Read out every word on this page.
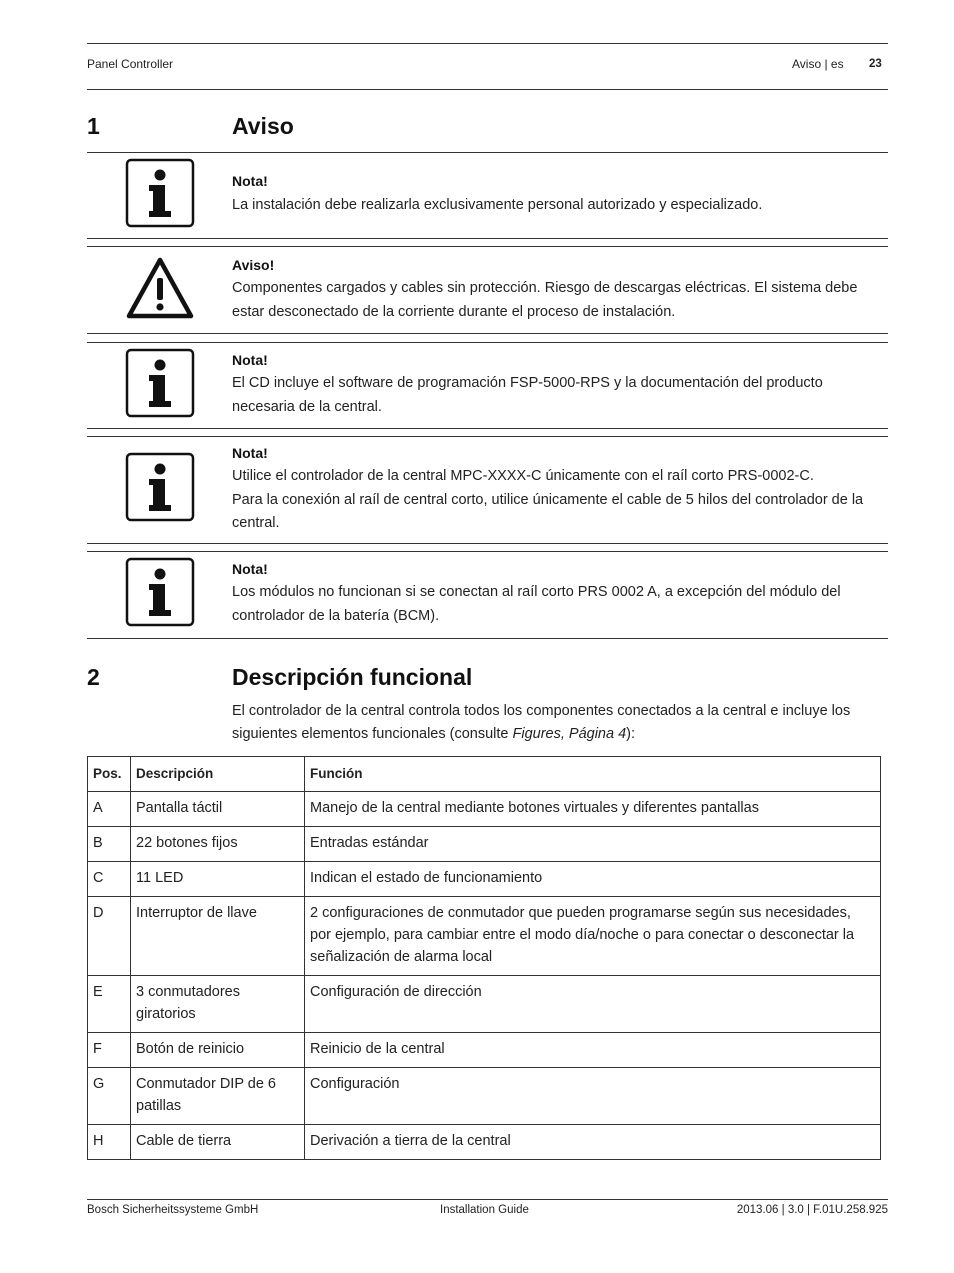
Panel Controller	Aviso | es 23
1	Aviso
Nota!
La instalación debe realizarla exclusivamente personal autorizado y especializado.
Aviso!
Componentes cargados y cables sin protección. Riesgo de descargas eléctricas. El sistema debe estar desconectado de la corriente durante el proceso de instalación.
Nota!
El CD incluye el software de programación FSP-5000-RPS y la documentación del producto necesaria de la central.
Nota!
Utilice el controlador de la central MPC-XXXX-C únicamente con el raíl corto PRS-0002-C.
Para la conexión al raíl de central corto, utilice únicamente el cable de 5 hilos del controlador de la central.
Nota!
Los módulos no funcionan si se conectan al raíl corto PRS 0002 A, a excepción del módulo del controlador de la batería (BCM).
2	Descripción funcional
El controlador de la central controla todos los componentes conectados a la central e incluye los siguientes elementos funcionales (consulte Figures, Página 4):
Pos.	Descripción	Función
A	Pantalla táctil	Manejo de la central mediante botones virtuales y diferentes pantallas
B	22 botones fijos	Entradas estándar
C	11 LED	Indican el estado de funcionamiento
D	Interruptor de llave	2 configuraciones de conmutador que pueden programarse según sus necesidades, por ejemplo, para cambiar entre el modo día/noche o para conectar o desconectar la señalización de alarma local
E	3 conmutadores giratorios	Configuración de dirección
F	Botón de reinicio	Reinicio de la central
G	Conmutador DIP de 6 patillas	Configuración
H	Cable de tierra	Derivación a tierra de la central
Bosch Sicherheitssysteme GmbH	Installation Guide	2013.06 | 3.0 | F.01U.258.925
